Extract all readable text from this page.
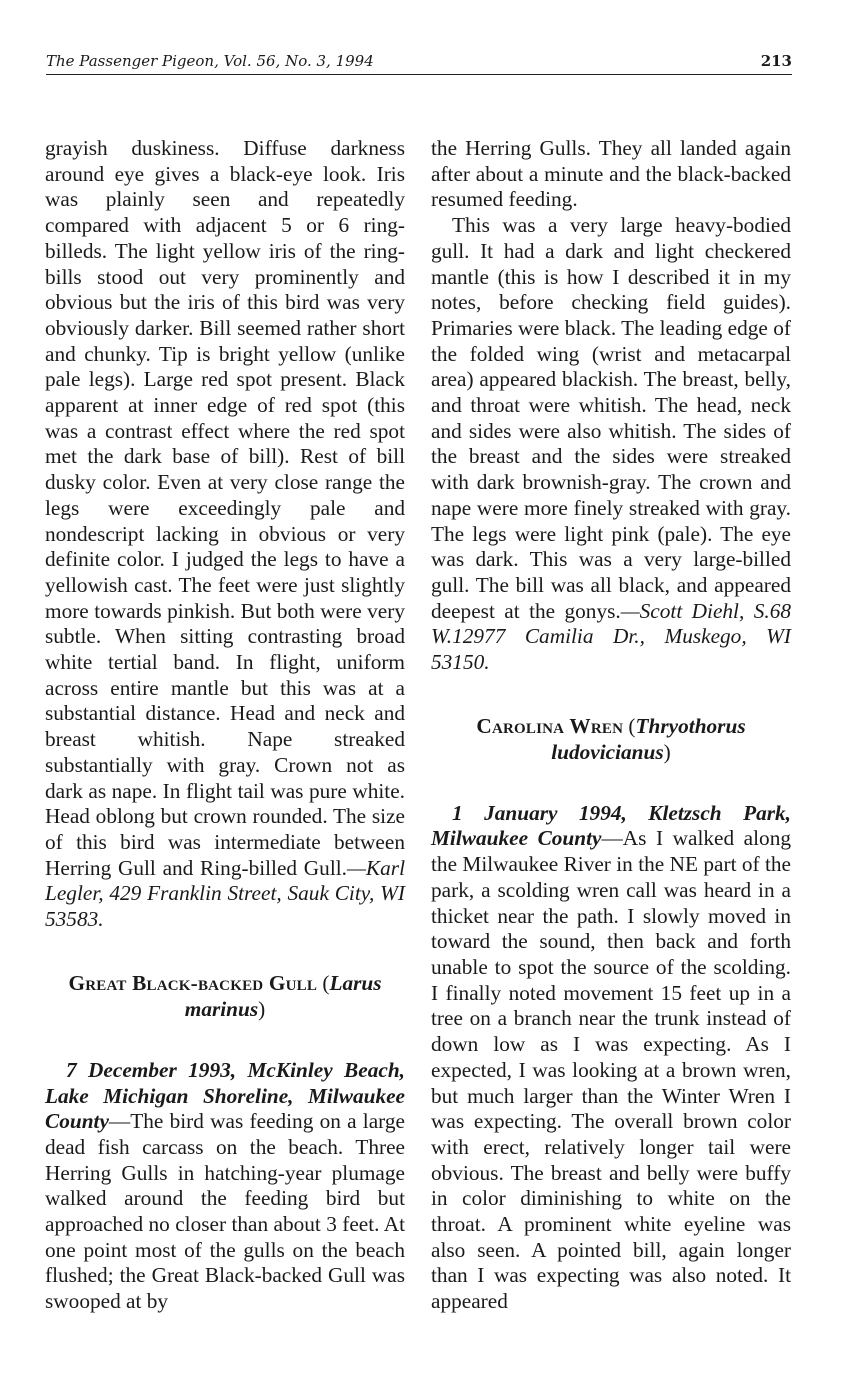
The Passenger Pigeon, Vol. 56, No. 3, 1994	213

grayish duskiness. Diffuse darkness around eye gives a black-eye look. Iris was plainly seen and repeatedly compared with adjacent 5 or 6 ring-billeds. The light yellow iris of the ring-bills stood out very prominently and obvious but the iris of this bird was very obviously darker. Bill seemed rather short and chunky. Tip is bright yellow (unlike pale legs). Large red spot present. Black apparent at inner edge of red spot (this was a contrast effect where the red spot met the dark base of bill). Rest of bill dusky color. Even at very close range the legs were exceedingly pale and nondescript lacking in obvious or very definite color. I judged the legs to have a yellowish cast. The feet were just slightly more towards pinkish. But both were very subtle. When sitting contrasting broad white tertial band. In flight, uniform across entire mantle but this was at a substantial distance. Head and neck and breast whitish. Nape streaked substantially with gray. Crown not as dark as nape. In flight tail was pure white. Head oblong but crown rounded. The size of this bird was intermediate between Herring Gull and Ring-billed Gull.—Karl Legler, 429 Franklin Street, Sauk City, WI 53583.

Great Black-backed Gull (Larus marinus)

7 December 1993, McKinley Beach, Lake Michigan Shoreline, Milwaukee County—The bird was feeding on a large dead fish carcass on the beach. Three Herring Gulls in hatching-year plumage walked around the feeding bird but approached no closer than about 3 feet. At one point most of the gulls on the beach flushed; the Great Black-backed Gull was swooped at by

the Herring Gulls. They all landed again after about a minute and the black-backed resumed feeding.

This was a very large heavy-bodied gull. It had a dark and light checkered mantle (this is how I described it in my notes, before checking field guides). Primaries were black. The leading edge of the folded wing (wrist and metacarpal area) appeared blackish. The breast, belly, and throat were whitish. The head, neck and sides were also whitish. The sides of the breast and the sides were streaked with dark brownish-gray. The crown and nape were more finely streaked with gray. The legs were light pink (pale). The eye was dark. This was a very large-billed gull. The bill was all black, and appeared deepest at the gonys.—Scott Diehl, S.68 W.12977 Camilia Dr., Muskego, WI 53150.

Carolina Wren (Thryothorus ludovicianus)

1 January 1994, Kletzsch Park, Milwaukee County—As I walked along the Milwaukee River in the NE part of the park, a scolding wren call was heard in a thicket near the path. I slowly moved in toward the sound, then back and forth unable to spot the source of the scolding. I finally noted movement 15 feet up in a tree on a branch near the trunk instead of down low as I was expecting. As I expected, I was looking at a brown wren, but much larger than the Winter Wren I was expecting. The overall brown color with erect, relatively longer tail were obvious. The breast and belly were buffy in color diminishing to white on the throat. A prominent white eyeline was also seen. A pointed bill, again longer than I was expecting was also noted. It appeared
